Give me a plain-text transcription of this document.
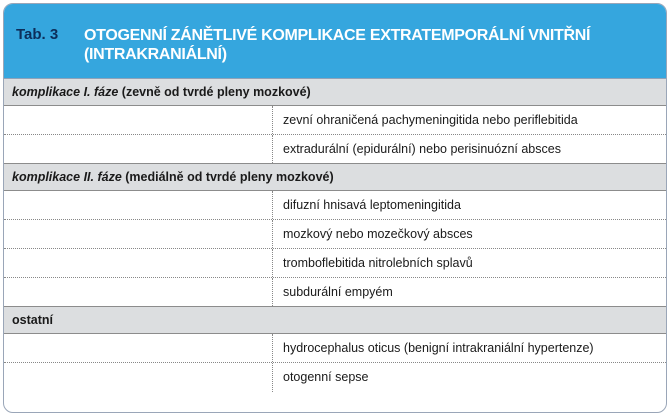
Tab. 3 OTOGENNÍ ZÁNĚTLIVÉ KOMPLIKACE EXTRATEMPORÁLNÍ VNITŘNÍ (INTRAKRANIÁLNÍ)
komplikace I. fáze (zevně od tvrdé pleny mozkové)
zevní ohraničená pachymeningitida nebo periflebitida
extradurální (epidurální) nebo perisinuózní absces
komplikace II. fáze (mediálně od tvrdé pleny mozkové)
difuzní hnisavá leptomeningitida
mozkový nebo mozečkový absces
tromboflebitida nitrolebních splavů
subdurální empyém
ostatní
hydrocephalus oticus (benigní intrakraniální hypertenze)
otogenní sepse
